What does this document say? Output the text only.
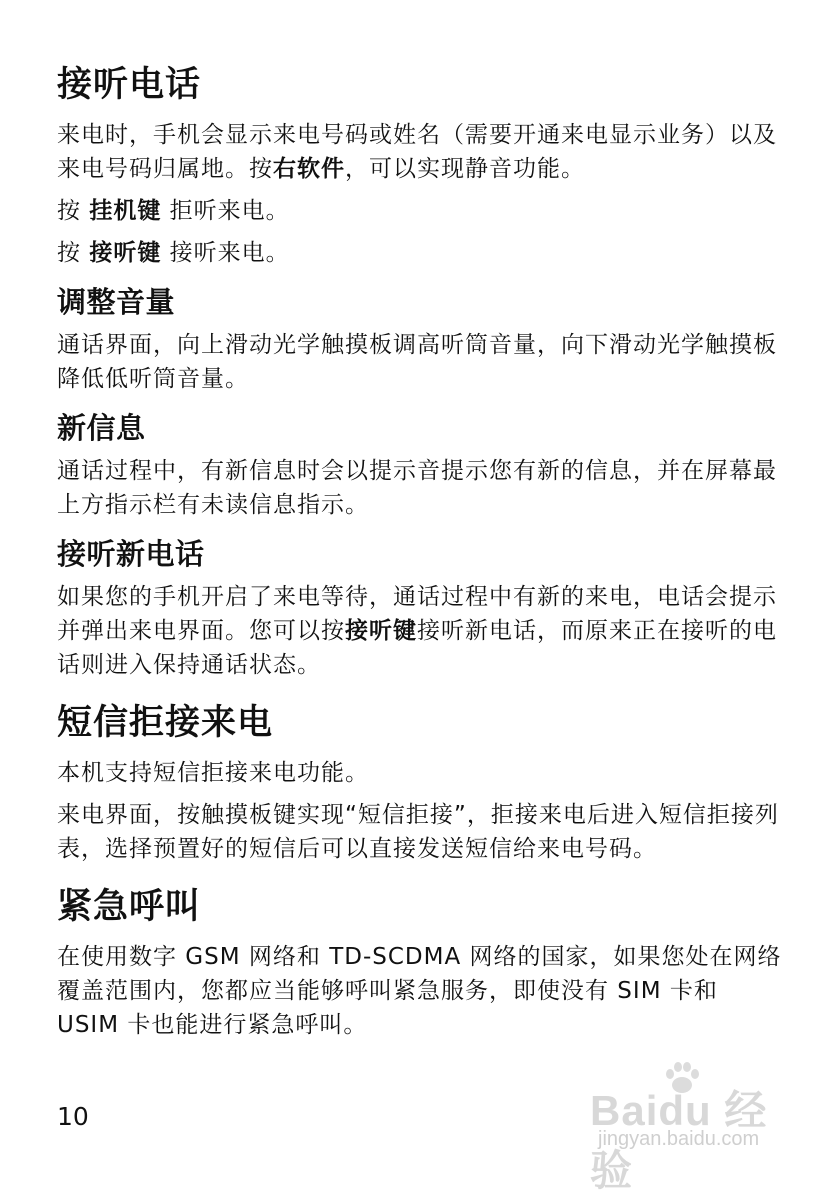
接听电话
来电时，手机会显示来电号码或姓名（需要开通来电显示业务）以及来电号码归属地。按右软件，可以实现静音功能。
按 挂机键 拒听来电。
按 接听键 接听来电。
调整音量
通话界面，向上滑动光学触摸板调高听筒音量，向下滑动光学触摸板降低低听筒音量。
新信息
通话过程中，有新信息时会以提示音提示您有新的信息，并在屏幕最上方指示栏有未读信息指示。
接听新电话
如果您的手机开启了来电等待，通话过程中有新的来电，电话会提示并弹出来电界面。您可以按接听键接听新电话，而原来正在接听的电话则进入保持通话状态。
短信拒接来电
本机支持短信拒接来电功能。
来电界面，按触摸板键实现“短信拒接”，拒接来电后进入短信拒接列表，选择预置好的短信后可以直接发送短信给来电号码。
紧急呼叫
在使用数字 GSM 网络和 TD-SCDMA 网络的国家，如果您处在网络覆盖范围内，您都应当能够呼叫紧急服务，即使没有 SIM 卡和 USIM 卡也能进行紧急呼叫。
10	Baidu 经验
jingyan.baidu.com
